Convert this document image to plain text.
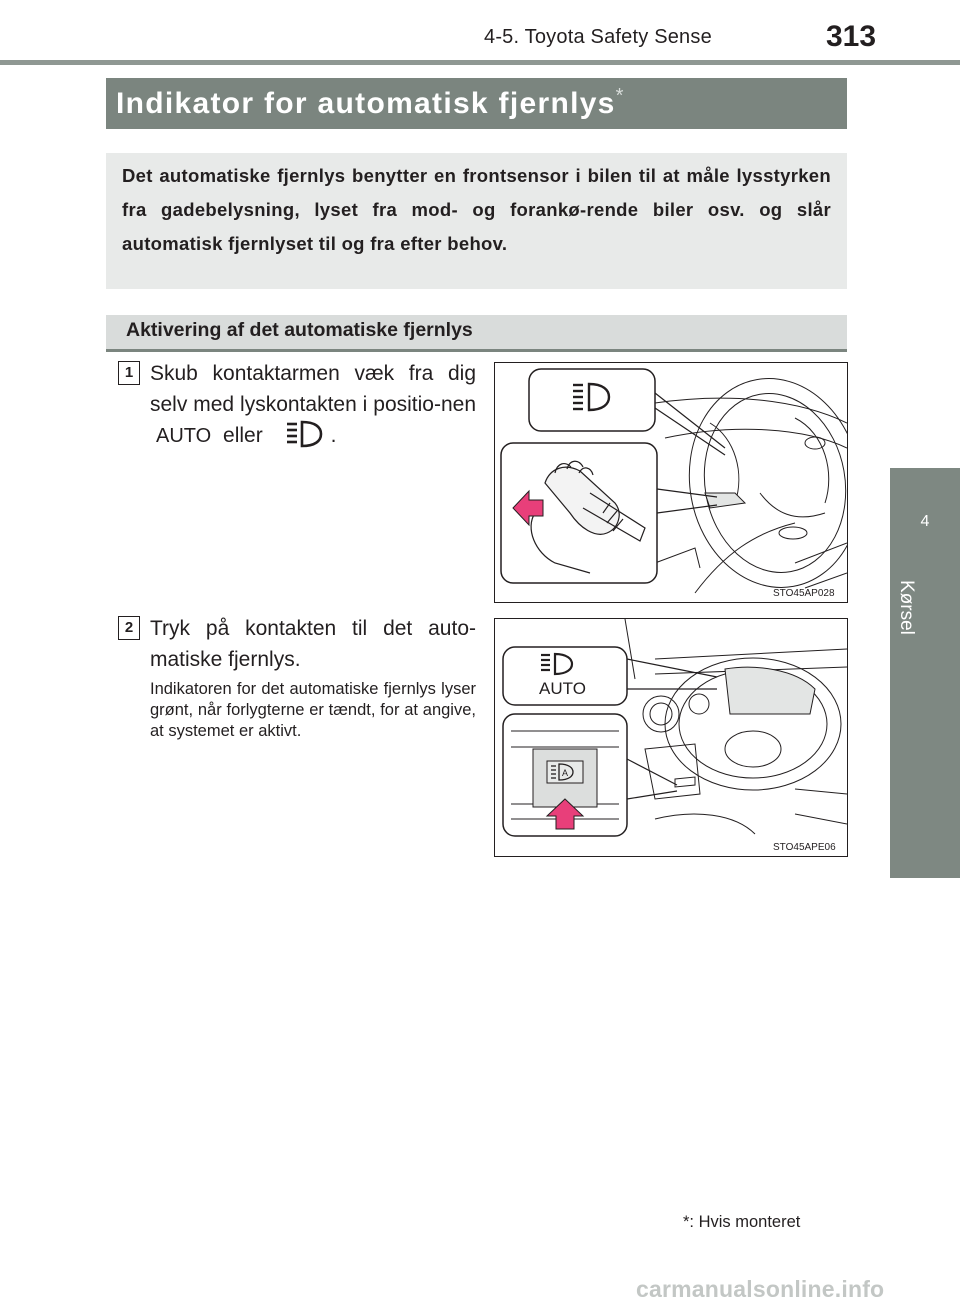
4-5. Toyota Safety Sense	313
4
Kørsel
Indikator for automatisk fjernlys*
Det automatiske fjernlys benytter en frontsensor i bilen til at måle lysstyrken fra gadebelysning, lyset fra mod- og forankø-rende biler osv. og slår automatisk fjernlyset til og fra efter behov.
Aktivering af det automatiske fjernlys
1 Skub kontaktarmen væk fra dig selv med lyskontakten i positio-nen AUTO eller	.
STO45AP028
2 Tryk på kontakten til det auto-matiske fjernlys.
Indikatoren for det automatiske fjernlys lyser grønt, når forlygterne er tændt, for at angive, at systemet er aktivt.
AUTO
A
STO45APE06
*: Hvis monteret
carmanualsonline.info
